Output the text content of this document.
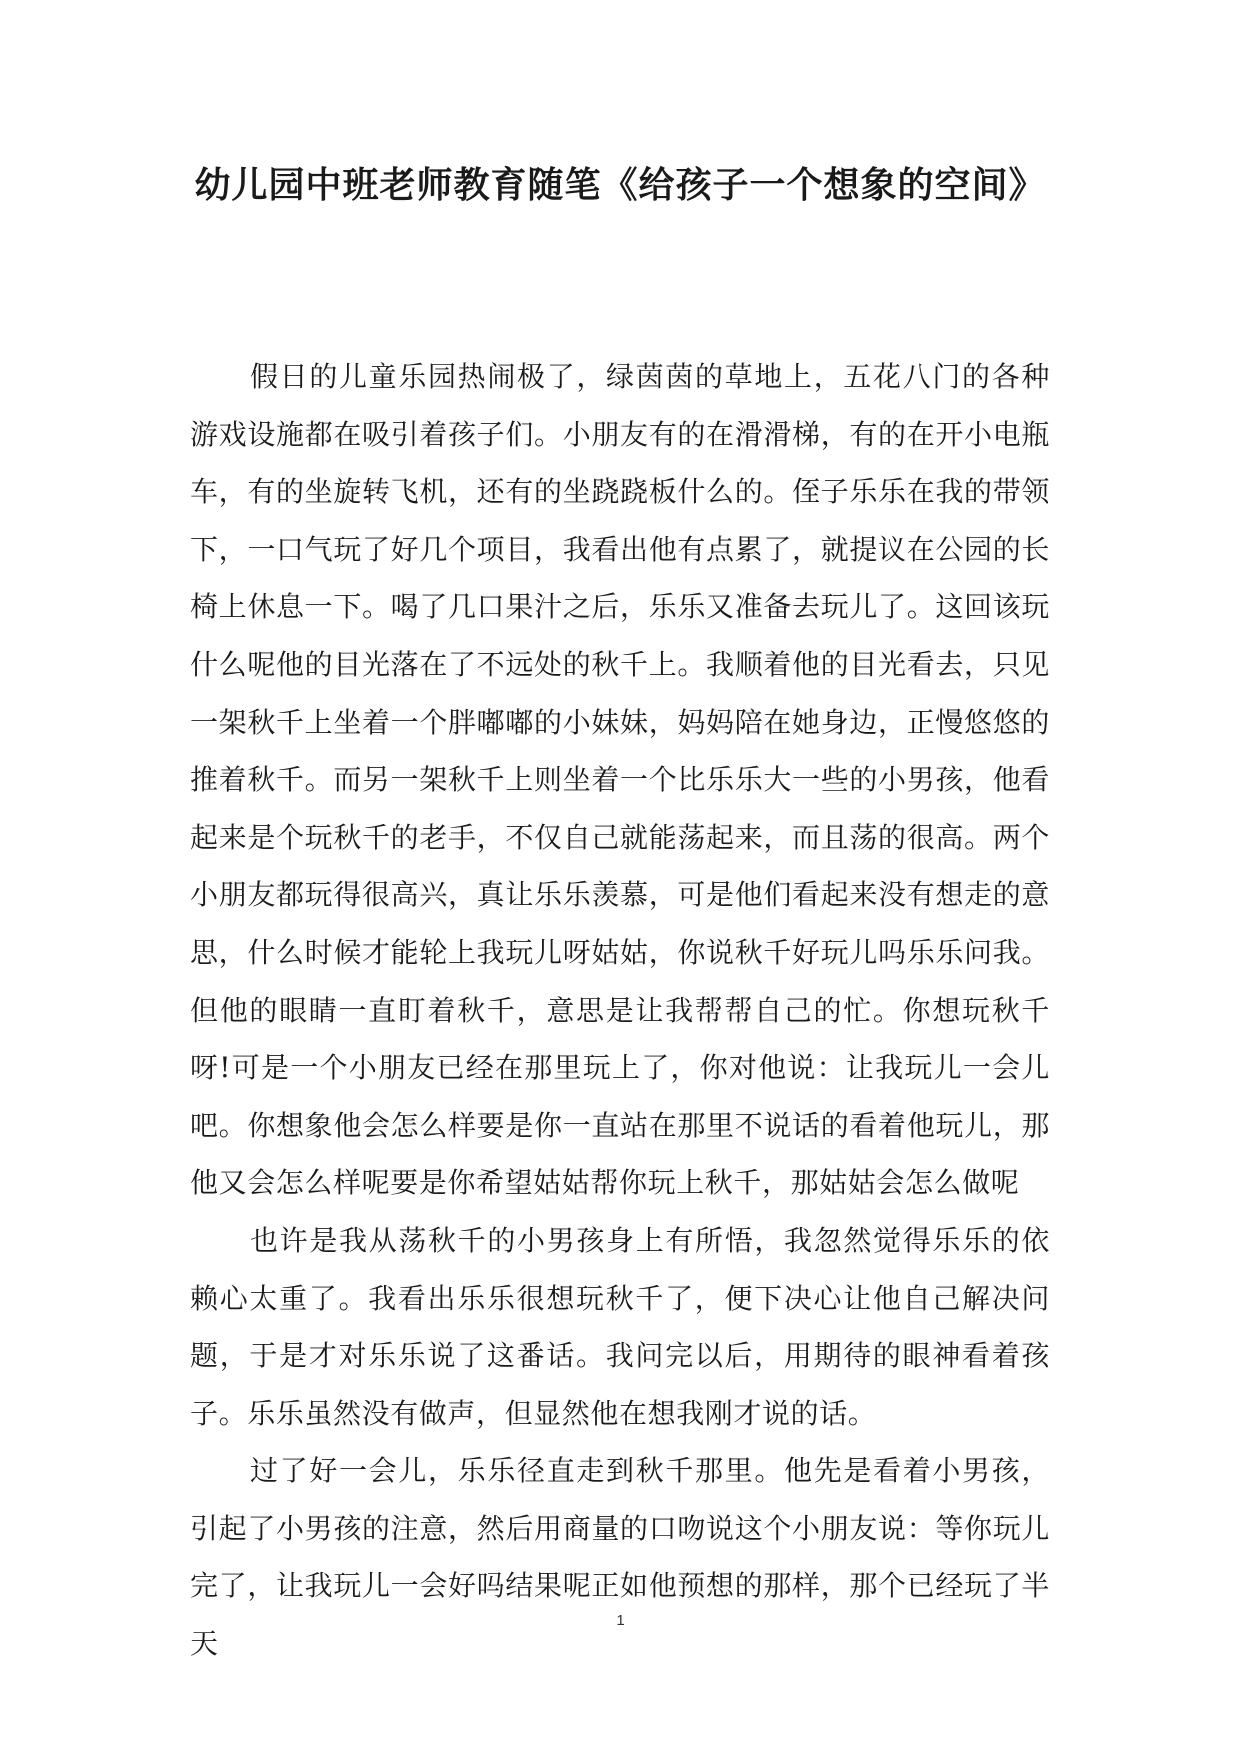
幼儿园中班老师教育随笔《给孩子一个想象的空间》

假日的儿童乐园热闹极了，绿茵茵的草地上，五花八门的各种游戏设施都在吸引着孩子们。小朋友有的在滑滑梯，有的在开小电瓶车，有的坐旋转飞机，还有的坐跷跷板什么的。侄子乐乐在我的带领下，一口气玩了好几个项目，我看出他有点累了，就提议在公园的长椅上休息一下。喝了几口果汁之后，乐乐又准备去玩儿了。这回该玩什么呢他的目光落在了不远处的秋千上。我顺着他的目光看去，只见一架秋千上坐着一个胖嘟嘟的小妹妹，妈妈陪在她身边，正慢悠悠的推着秋千。而另一架秋千上则坐着一个比乐乐大一些的小男孩，他看起来是个玩秋千的老手，不仅自己就能荡起来，而且荡的很高。两个小朋友都玩得很高兴，真让乐乐羡慕，可是他们看起来没有想走的意思，什么时候才能轮上我玩儿呀姑姑，你说秋千好玩儿吗乐乐问我。但他的眼睛一直盯着秋千，意思是让我帮帮自己的忙。你想玩秋千呀!可是一个小朋友已经在那里玩上了，你对他说：让我玩儿一会儿吧。你想象他会怎么样要是你一直站在那里不说话的看着他玩儿，那他又会怎么样呢要是你希望姑姑帮你玩上秋千，那姑姑会怎么做呢

也许是我从荡秋千的小男孩身上有所悟，我忽然觉得乐乐的依赖心太重了。我看出乐乐很想玩秋千了，便下决心让他自己解决问题，于是才对乐乐说了这番话。我问完以后，用期待的眼神看着孩子。乐乐虽然没有做声，但显然他在想我刚才说的话。

过了好一会儿，乐乐径直走到秋千那里。他先是看着小男孩，引起了小男孩的注意，然后用商量的口吻说这个小朋友说：等你玩儿完了，让我玩儿一会好吗结果呢正如他预想的那样，那个已经玩了半天

1
